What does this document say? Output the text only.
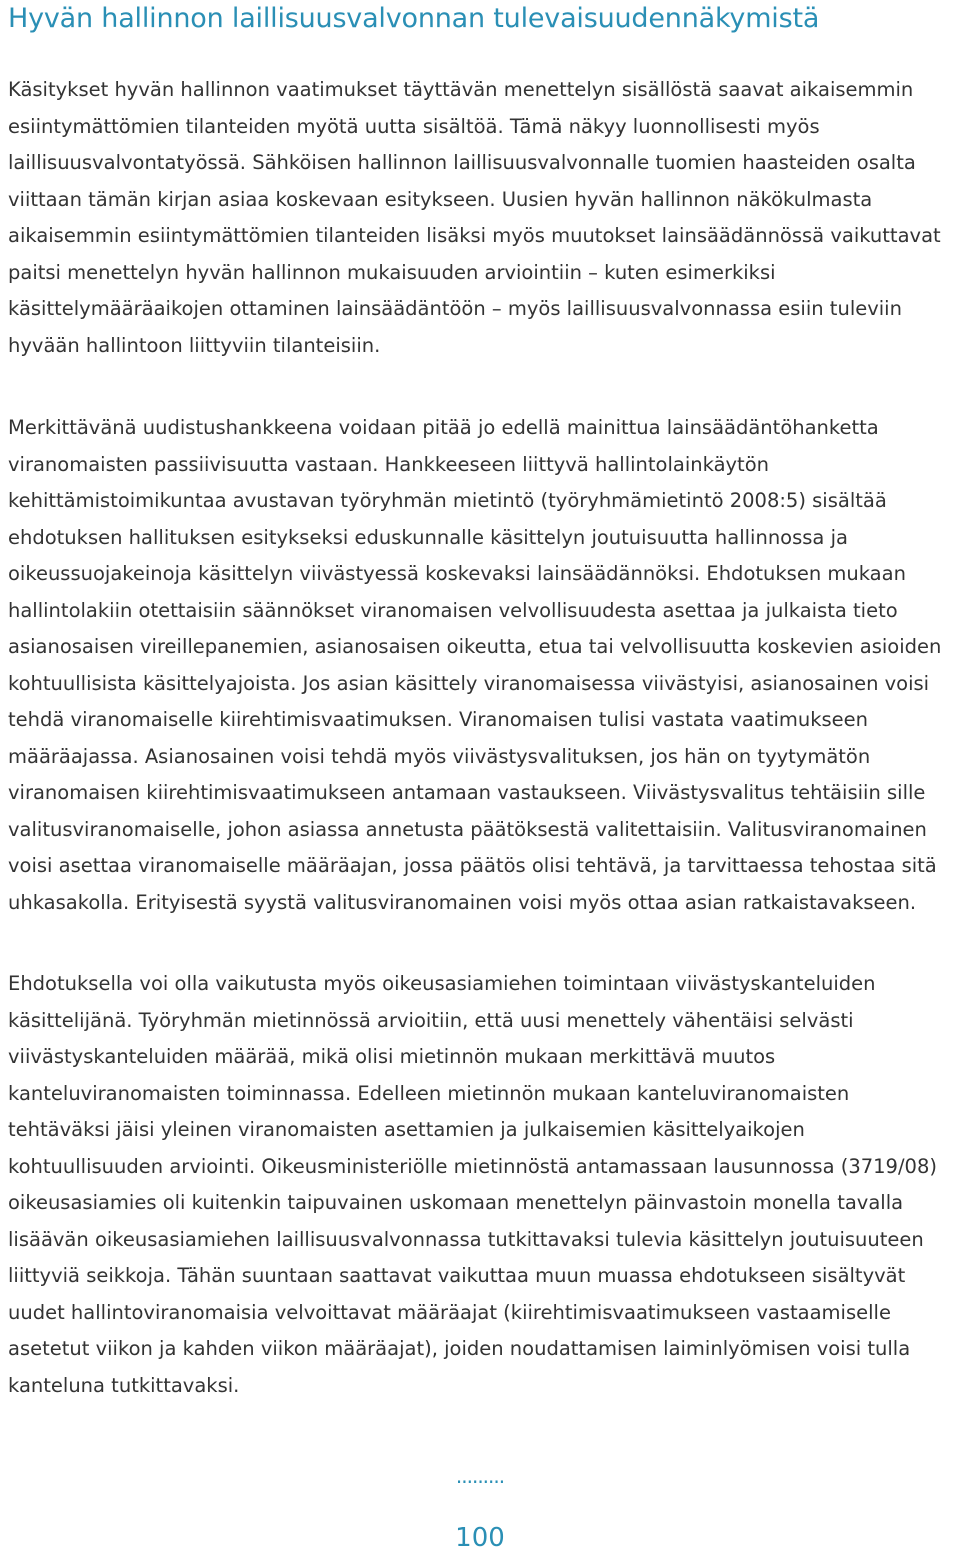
Hyvän hallinnon laillisuusvalvonnan tulevaisuudennäkymistä

Käsitykset hyvän hallinnon vaatimukset täyttävän menettelyn sisällöstä saavat aikaisemmin esiintymättömien tilanteiden myötä uutta sisältöä. Tämä näkyy luonnollisesti myös laillisuusvalvontatyössä. Sähköisen hallinnon laillisuusvalvonnalle tuomien haasteiden osalta viittaan tämän kirjan asiaa koskevaan esitykseen. Uusien hyvän hallinnon näkökulmasta aikaisemmin esiintymättömien tilanteiden lisäksi myös muutokset lainsäädännössä vaikuttavat paitsi menettelyn hyvän hallinnon mukaisuuden arviointiin – kuten esimerkiksi käsittelymääräaikojen ottaminen lainsäädäntöön – myös laillisuusvalvonnassa esiin tuleviin hyvään hallintoon liittyviin tilanteisiin.

Merkittävänä uudistushankkeena voidaan pitää jo edellä mainittua lainsäädäntöhanketta viranomaisten passiivisuutta vastaan. Hankkeeseen liittyvä hallintolainkäytön kehittämistoimikuntaa avustavan työryhmän mietintö (työryhmämietintö 2008:5) sisältää ehdotuksen hallituksen esitykseksi eduskunnalle käsittelyn joutuisuutta hallinnossa ja oikeussuojakeinoja käsittelyn viivästyessä koskevaksi lainsäädännöksi. Ehdotuksen mukaan hallintolakiin otettaisiin säännökset viranomaisen velvollisuudesta asettaa ja julkaista tieto asianosaisen vireillepanemien, asianosaisen oikeutta, etua tai velvollisuutta koskevien asioiden kohtuullisista käsittelyajoista. Jos asian käsittely viranomaisessa viivästyisi, asianosainen voisi tehdä viranomaiselle kiirehtimisvaatimuksen. Viranomaisen tulisi vastata vaatimukseen määräajassa. Asianosainen voisi tehdä myös viivästysvalituksen, jos hän on tyytymätön viranomaisen kiirehtimisvaatimukseen antamaan vastaukseen. Viivästysvalitus tehtäisiin sille valitusviranomaiselle, johon asiassa annetusta päätöksestä valitettaisiin. Valitusviranomainen voisi asettaa viranomaiselle määräajan, jossa päätös olisi tehtävä, ja tarvittaessa tehostaa sitä uhkasakolla. Erityisestä syystä valitusviranomainen voisi myös ottaa asian ratkaistavakseen.

Ehdotuksella voi olla vaikutusta myös oikeusasiamiehen toimintaan viivästyskanteluiden käsittelijänä. Työryhmän mietinnössä arvioitiin, että uusi menettely vähentäisi selvästi viivästyskanteluiden määrää, mikä olisi mietinnön mukaan merkittävä muutos kanteluviranomaisten toiminnassa. Edelleen mietinnön mukaan kanteluviranomaisten tehtäväksi jäisi yleinen viranomaisten asettamien ja julkaisemien käsittelyaikojen kohtuullisuuden arviointi. Oikeusministeriölle mietinnöstä antamassaan lausunnossa (3719/08) oikeusasiamies oli kuitenkin taipuvainen uskomaan menettelyn päinvastoin monella tavalla lisäävän oikeusasiamiehen laillisuusvalvonnassa tutkittavaksi tulevia käsittelyn joutuisuuteen liittyviä seikkoja. Tähän suuntaan saattavat vaikuttaa muun muassa ehdotukseen sisältyvät uudet hallintoviranomaisia velvoittavat määräajat (kiirehtimisvaatimukseen vastaamiselle asetetut viikon ja kahden viikon määräajat), joiden noudattamisen laiminlyömisen voisi tulla kanteluna tutkittavaksi.

.........
100
